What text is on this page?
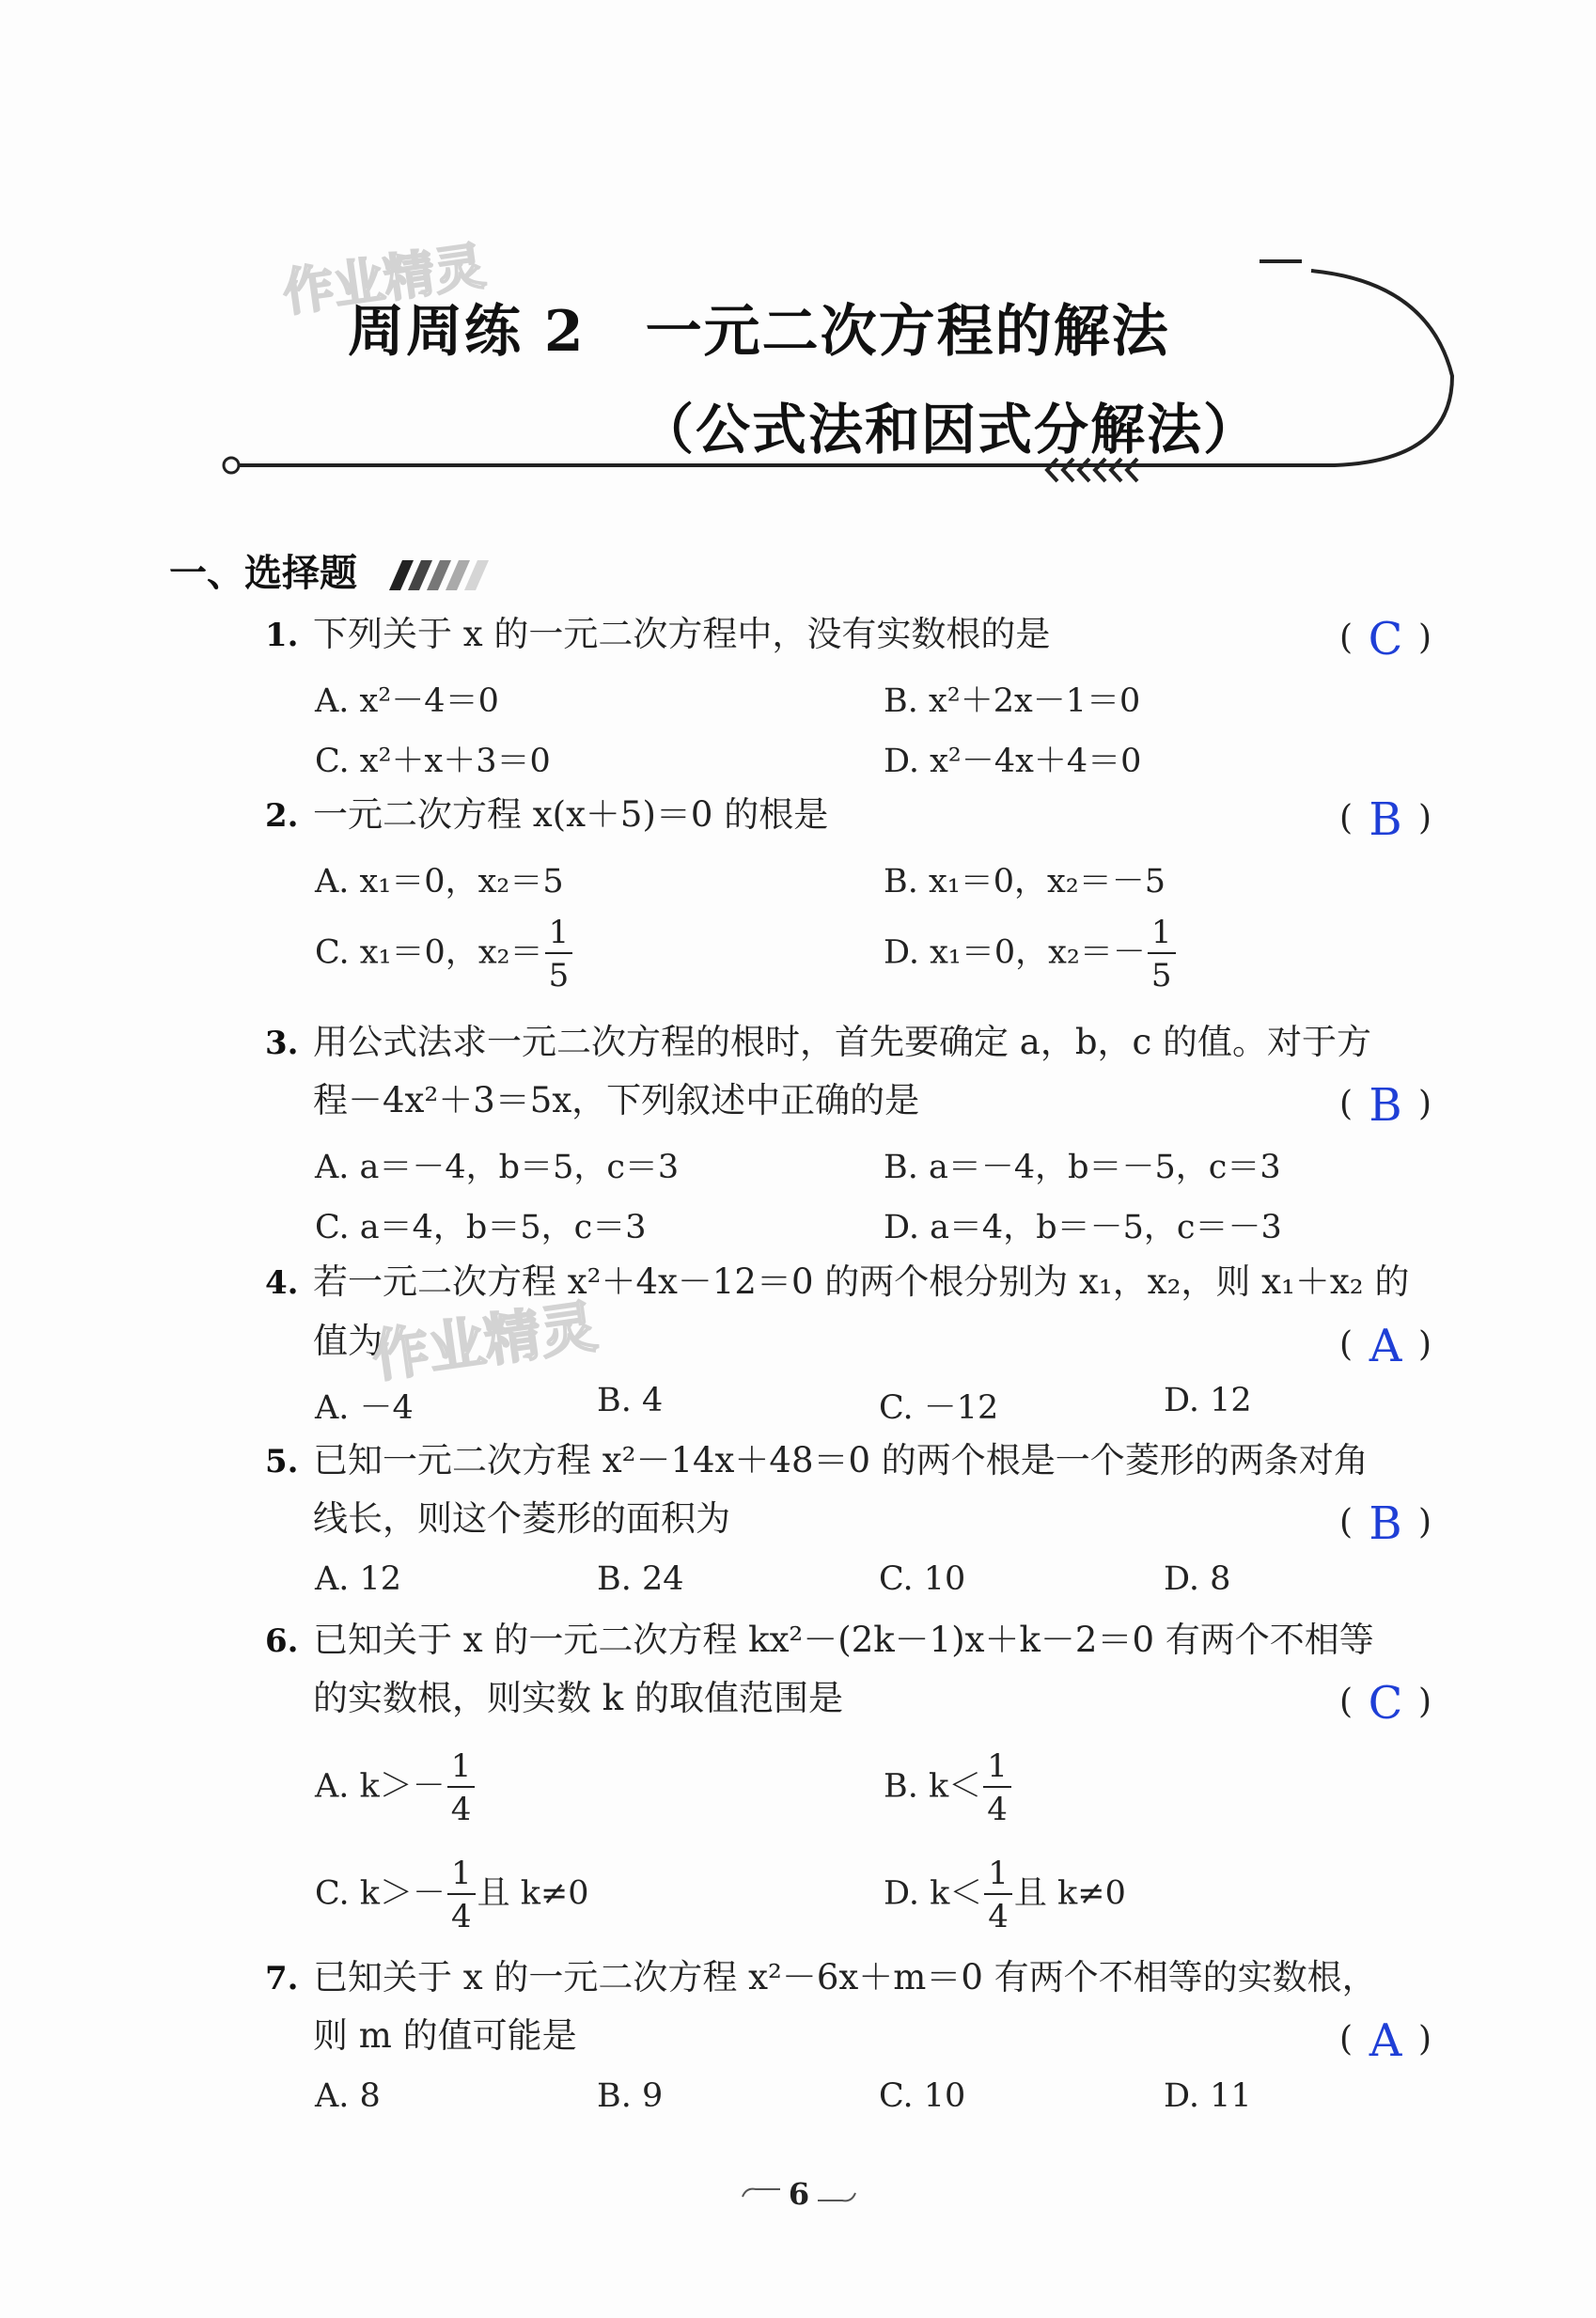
作业精灵
周周练 2 一元二次方程的解法
（公式法和因式分解法）
一、选择题
1. 下列关于 x 的一元二次方程中，没有实数根的是	( C )
A. x²－4＝0	B. x²＋2x－1＝0
C. x²＋x＋3＝0	D. x²－4x＋4＝0
2. 一元二次方程 x(x＋5)＝0 的根是	( B )
A. x₁＝0，x₂＝5	B. x₁＝0，x₂＝－5
C. x₁＝0，$x_2= \frac{1}{5}$	D. x₁＝0，$x_2=- \frac{1}{5}$
3. 用公式法求一元二次方程的根时，首先要确定 a，b，c 的值。对于方
程－4x²＋3＝5x，下列叙述中正确的是	( B )
A. a＝－4，b＝5，c＝3	B. a＝－4，b＝－5，c＝3
C. a＝4，b＝5，c＝3	D. a＝4，b＝－5，c＝－3
4. 若一元二次方程 x²＋4x－12＝0 的两个根分别为 x₁，x₂，则 x₁＋x₂ 的
值为	( A )
作业精灵
A. －4	B. 4	C. －12	D. 12
5. 已知一元二次方程 x²－14x＋48＝0 的两个根是一个菱形的两条对角
线长，则这个菱形的面积为	( B )
A. 12	B. 24	C. 10	D. 8
6. 已知关于 x 的一元二次方程 kx²－(2k－1)x＋k－2＝0 有两个不相等
的实数根，则实数 k 的取值范围是	( C )
A. $k>- \frac{1}{4}$	B. $k< \frac{1}{4}$
C. $k>- \frac{1}{4}$ 且 k≠0	D. $k< \frac{1}{4}$ 且 k≠0
7. 已知关于 x 的一元二次方程 x²－6x＋m＝0 有两个不相等的实数根，
则 m 的值可能是	( A )
A. 8	B. 9	C. 10	D. 11
6
